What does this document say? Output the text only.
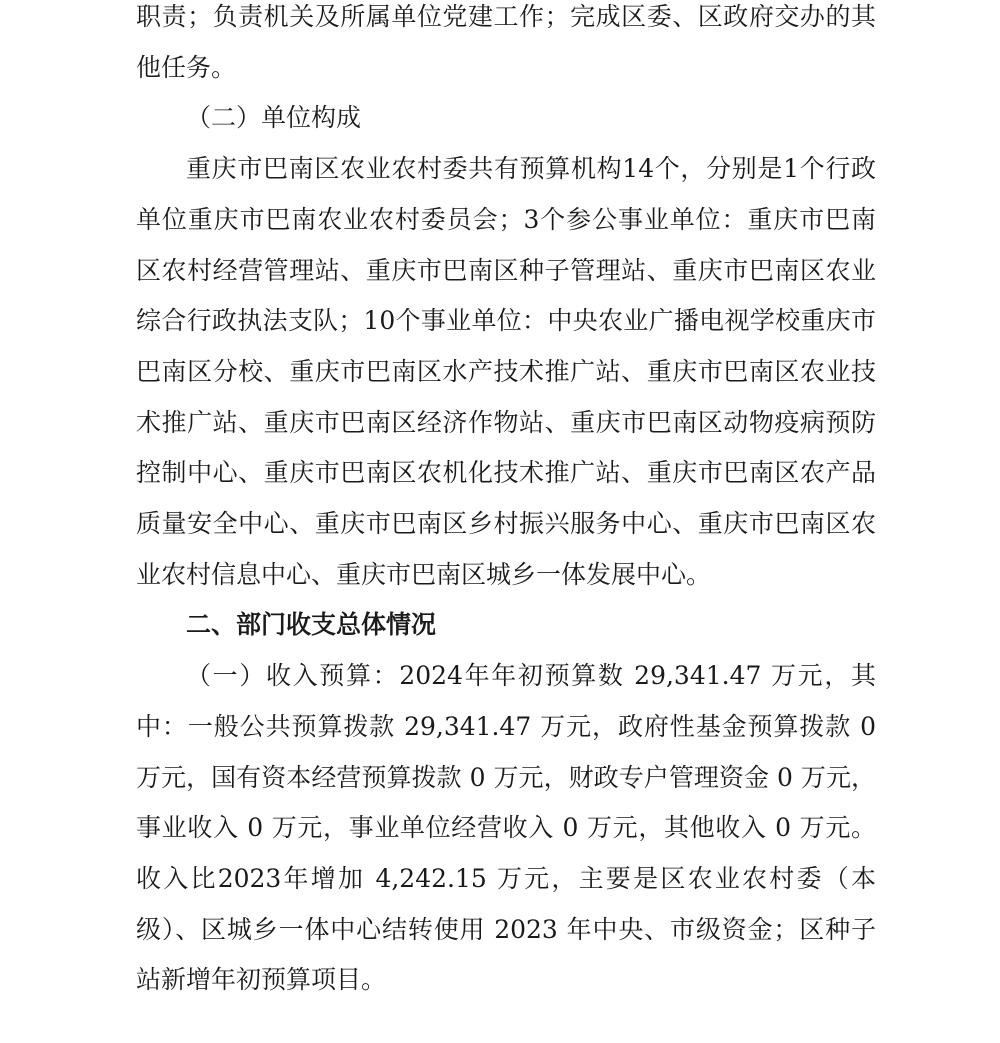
职责；负责机关及所属单位党建工作；完成区委、区政府交办的其他任务。

（二）单位构成

重庆市巴南区农业农村委共有预算机构14个，分别是1个行政单位重庆市巴南农业农村委员会；3个参公事业单位：重庆市巴南区农村经营管理站、重庆市巴南区种子管理站、重庆市巴南区农业综合行政执法支队；10个事业单位：中央农业广播电视学校重庆市巴南区分校、重庆市巴南区水产技术推广站、重庆市巴南区农业技术推广站、重庆市巴南区经济作物站、重庆市巴南区动物疫病预防控制中心、重庆市巴南区农机化技术推广站、重庆市巴南区农产品质量安全中心、重庆市巴南区乡村振兴服务中心、重庆市巴南区农业农村信息中心、重庆市巴南区城乡一体发展中心。

二、部门收支总体情况

（一）收入预算：2024年年初预算数 29,341.47 万元，其中：一般公共预算拨款 29,341.47 万元，政府性基金预算拨款 0 万元，国有资本经营预算拨款 0 万元，财政专户管理资金 0 万元，事业收入 0 万元，事业单位经营收入 0 万元，其他收入 0 万元。收入比2023年增加 4,242.15 万元，主要是区农业农村委（本级）、区城乡一体中心结转使用 2023 年中央、市级资金；区种子站新增年初预算项目。
